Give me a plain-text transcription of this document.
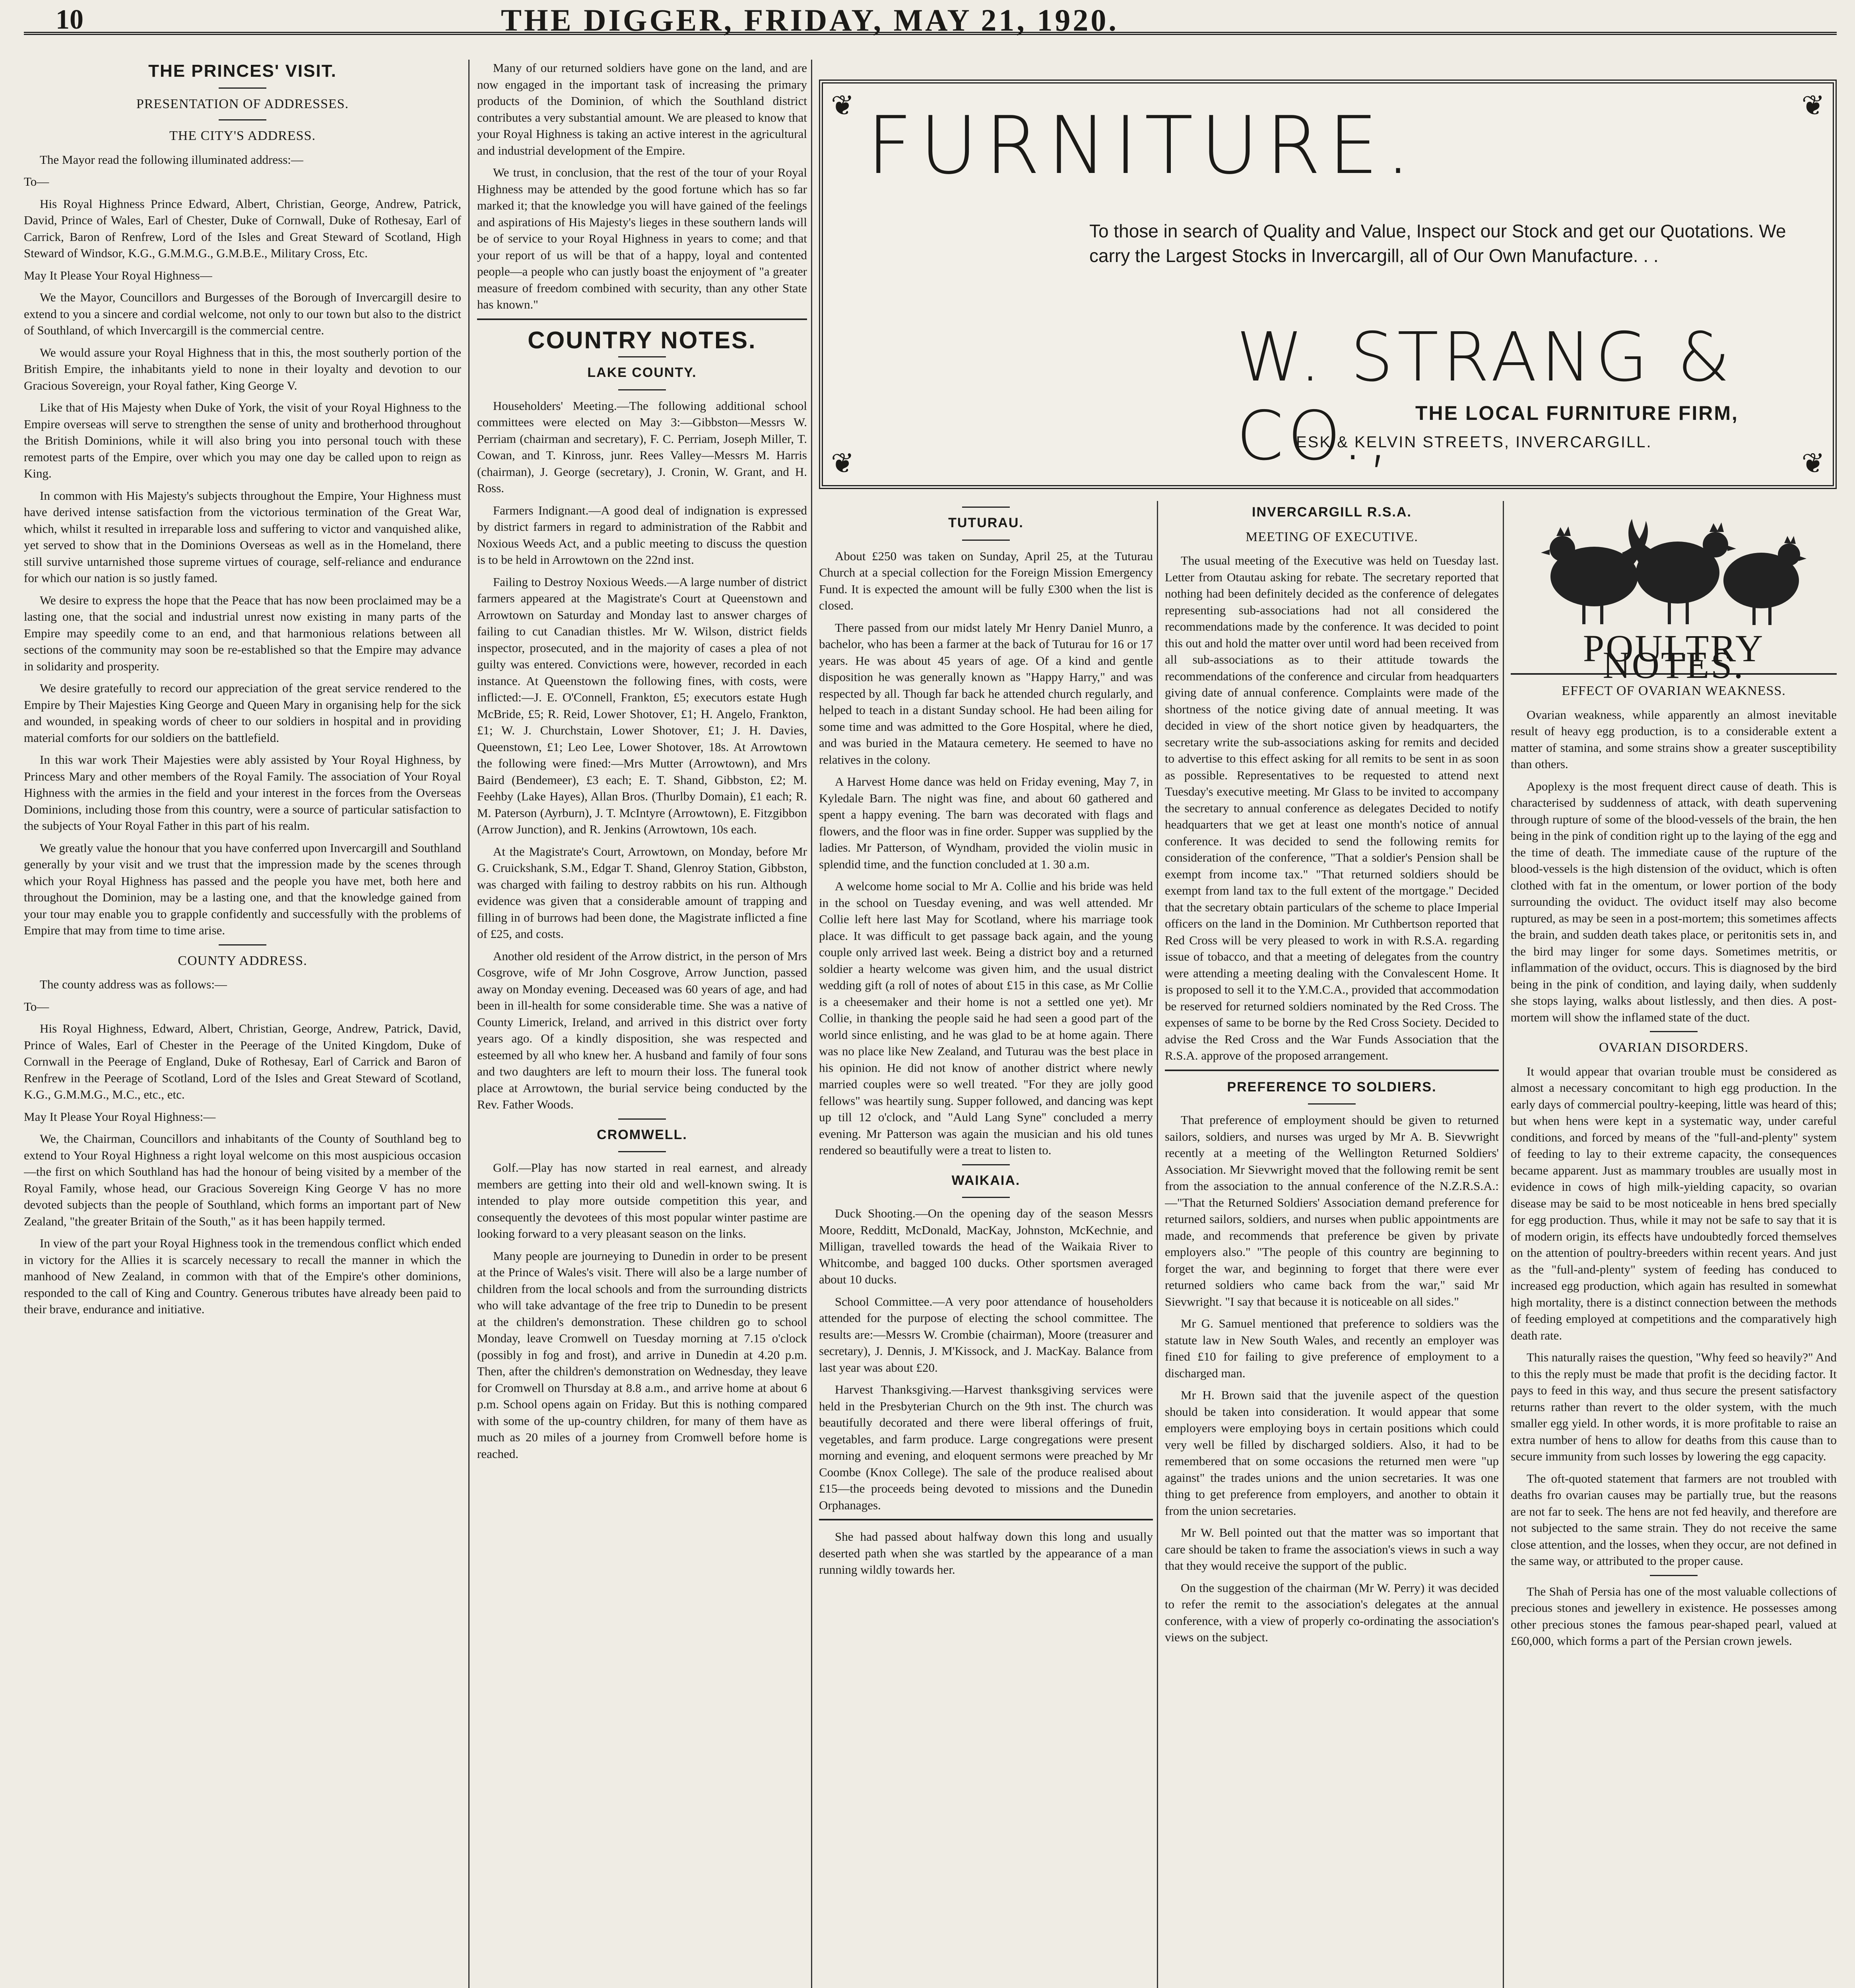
10	THE DIGGER, FRIDAY, MAY 21, 1920.
THE PRINCES' VISIT.
PRESENTATION OF ADDRESSES.
THE CITY'S ADDRESS.

The Mayor read the following illuminated address:—

To—

His Royal Highness Prince Edward, Albert, Christian, George, Andrew, Patrick, David, Prince of Wales, Earl of Chester, Duke of Cornwall, Duke of Rothesay, Earl of Carrick, Baron of Renfrew, Lord of the Isles and Great Steward of Scotland, High Steward of Windsor, K.G., G.M.M.G., G.M.B.E., Military Cross, Etc.

May It Please Your Royal Highness—

We the Mayor, Councillors and Burgesses of the Borough of Invercargill desire to extend to you a sincere and cordial welcome, not only to our town but also to the district of Southland, of which Invercargill is the commercial centre.

We would assure your Royal Highness that in this, the most southerly portion of the British Empire, the inhabitants yield to none in their loyalty and devotion to our Gracious Sovereign, your Royal father, King George V.

Like that of His Majesty when Duke of York, the visit of your Royal Highness to the Empire overseas will serve to strengthen the sense of unity and brotherhood throughout the British Dominions, while it will also bring you into personal touch with these remotest parts of the Empire, over which you may one day be called upon to reign as King.

In common with His Majesty's subjects throughout the Empire, Your Highness must have derived intense satisfaction from the victorious termination of the Great War, which, whilst it resulted in irreparable loss and suffering to victor and vanquished alike, yet served to show that in the Dominions Overseas as well as in the Homeland, there still survive untarnished those supreme virtues of courage, self-reliance and endurance for which our nation is so justly famed.

We desire to express the hope that the Peace that has now been proclaimed may be a lasting one, that the social and industrial unrest now existing in many parts of the Empire may speedily come to an end, and that harmonious relations between all sections of the community may soon be re-established so that the Empire may advance in solidarity and prosperity.

We desire gratefully to record our appreciation of the great service rendered to the Empire by Their Majesties King George and Queen Mary in organising help for the sick and wounded, in speaking words of cheer to our soldiers in hospital and in providing material comforts for our soldiers on the battlefield.

In this war work Their Majesties were ably assisted by Your Royal Highness, by Princess Mary and other members of the Royal Family. The association of Your Royal Highness with the armies in the field and your interest in the forces from the Overseas Dominions, including those from this country, were a source of particular satisfaction to the subjects of Your Royal Father in this part of his realm.

We greatly value the honour that you have conferred upon Invercargill and Southland generally by your visit and we trust that the impression made by the scenes through which your Royal Highness has passed and the people you have met, both here and throughout the Dominion, may be a lasting one, and that the knowledge gained from your tour may enable you to grapple confidently and successfully with the problems of Empire that may from time to time arise.

COUNTY ADDRESS.

The county address was as follows:—

To—

His Royal Highness, Edward, Albert, Christian, George, Andrew, Patrick, David, Prince of Wales, Earl of Chester in the Peerage of the United Kingdom, Duke of Cornwall in the Peerage of England, Duke of Rothesay, Earl of Carrick and Baron of Renfrew in the Peerage of Scotland, Lord of the Isles and Great Steward of Scotland, K.G., G.M.M.G., M.C., etc., etc.

May It Please Your Royal Highness:—

We, the Chairman, Councillors and inhabitants of the County of Southland beg to extend to Your Royal Highness a right loyal welcome on this most auspicious occasion—the first on which Southland has had the honour of being visited by a member of the Royal Family, whose head, our Gracious Sovereign King George V has no more devoted subjects than the people of Southland, which forms an important part of New Zealand, "the greater Britain of the South," as it has been happily termed.

In view of the part your Royal Highness took in the tremendous conflict which ended in victory for the Allies it is scarcely necessary to recall the manner in which the manhood of New Zealand, in common with that of the Empire's other dominions, responded to the call of King and Country. Generous tributes have already been paid to their brave, endurance and initiative.

Many of our returned soldiers have gone on the land, and are now engaged in the important task of increasing the primary products of the Dominion, of which the Southland district contributes a very substantial amount. We are pleased to know that your Royal Highness is taking an active interest in the agricultural and industrial development of the Empire.

We trust, in conclusion, that the rest of the tour of your Royal Highness may be attended by the good fortune which has so far marked it; that the knowledge you will have gained of the feelings and aspirations of His Majesty's lieges in these southern lands will be of service to your Royal Highness in years to come; and that your report of us will be that of a happy, loyal and contented people—a people who can justly boast the enjoyment of "a greater measure of freedom combined with security, than any other State has known."

COUNTRY NOTES.
LAKE COUNTY.

Householders' Meeting.—The following additional school committees were elected on May 3:—Gibbston—Messrs W. Perriam (chairman and secretary), F. C. Perriam, Joseph Miller, T. Cowan, and T. Kinross, junr. Rees Valley—Messrs M. Harris (chairman), J. George (secretary), J. Cronin, W. Grant, and H. Ross.

Farmers Indignant.—A good deal of indignation is expressed by district farmers in regard to administration of the Rabbit and Noxious Weeds Act, and a public meeting to discuss the question is to be held in Arrowtown on the 22nd inst.

Failing to Destroy Noxious Weeds.—A large number of district farmers appeared at the Magistrate's Court at Queenstown and Arrowtown on Saturday and Monday last to answer charges of failing to cut Canadian thistles. Mr W. Wilson, district fields inspector, prosecuted, and in the majority of cases a plea of not guilty was entered. Convictions were, however, recorded in each instance. At Queenstown the following fines, with costs, were inflicted:—J. E. O'Connell, Frankton, £5; executors estate Hugh McBride, £5; R. Reid, Lower Shotover, £1; H. Angelo, Frankton, £1; W. J. Churchstain, Lower Shotover, £1; J. H. Davies, Queenstown, £1; Leo Lee, Lower Shotover, 18s. At Arrowtown the following were fined:—Mrs Mutter (Arrowtown), and Mrs Baird (Bendemeer), £3 each; E. T. Shand, Gibbston, £2; M. Feehby (Lake Hayes), Allan Bros. (Thurlby Domain), £1 each; R. M. Paterson (Ayrburn), J. T. McIntyre (Arrowtown), E. Fitzgibbon (Arrow Junction), and R. Jenkins (Arrowtown, 10s each.

At the Magistrate's Court, Arrowtown, on Monday, before Mr G. Cruickshank, S.M., Edgar T. Shand, Glenroy Station, Gibbston, was charged with failing to destroy rabbits on his run. Although evidence was given that a considerable amount of trapping and filling in of burrows had been done, the Magistrate inflicted a fine of £25, and costs.

Another old resident of the Arrow district, in the person of Mrs Cosgrove, wife of Mr John Cosgrove, Arrow Junction, passed away on Monday evening. Deceased was 60 years of age, and had been in ill-health for some considerable time. She was a native of County Limerick, Ireland, and arrived in this district over forty years ago. Of a kindly disposition, she was respected and esteemed by all who knew her. A husband and family of four sons and two daughters are left to mourn their loss. The funeral took place at Arrowtown, the burial service being conducted by the Rev. Father Woods.

CROMWELL.

Golf.—Play has now started in real earnest, and already members are getting into their old and well-known swing. It is intended to play more outside competition this year, and consequently the devotees of this most popular winter pastime are looking forward to a very pleasant season on the links.

Many people are journeying to Dunedin in order to be present at the Prince of Wales's visit. There will also be a large number of children from the local schools and from the surrounding districts who will take advantage of the free trip to Dunedin to be present at the children's demonstration. These children go to school Monday, leave Cromwell on Tuesday morning at 7.15 o'clock (possibly in fog and frost), and arrive in Dunedin at 4.20 p.m. Then, after the children's demonstration on Wednesday, they leave for Cromwell on Thursday at 8.8 a.m., and arrive home at about 6 p.m. School opens again on Friday. But this is nothing compared with some of the up-country children, for many of them have as much as 20 miles of a journey from Cromwell before home is reached.

❦	❦
❦	❦
FURNITURE.
To those in search of Quality and Value, Inspect our Stock and get our Quotations. We carry the Largest Stocks in Invercargill, all of Our Own Manufacture. . .
W. STRANG & CO.,	THE LOCAL FURNITURE FIRM,
ESK & KELVIN STREETS, INVERCARGILL.
TUTURAU.

About £250 was taken on Sunday, April 25, at the Tuturau Church at a special collection for the Foreign Mission Emergency Fund. It is expected the amount will be fully £300 when the list is closed.

There passed from our midst lately Mr Henry Daniel Munro, a bachelor, who has been a farmer at the back of Tuturau for 16 or 17 years. He was about 45 years of age. Of a kind and gentle disposition he was generally known as "Happy Harry," and was respected by all. Though far back he attended church regularly, and helped to teach in a distant Sunday school. He had been ailing for some time and was admitted to the Gore Hospital, where he died, and was buried in the Mataura cemetery. He seemed to have no relatives in the colony.

A Harvest Home dance was held on Friday evening, May 7, in Kyledale Barn. The night was fine, and about 60 gathered and spent a happy evening. The barn was decorated with flags and flowers, and the floor was in fine order. Supper was supplied by the ladies. Mr Patterson, of Wyndham, provided the violin music in splendid time, and the function concluded at 1. 30 a.m.

A welcome home social to Mr A. Collie and his bride was held in the school on Tuesday evening, and was well attended. Mr Collie left here last May for Scotland, where his marriage took place. It was difficult to get passage back again, and the young couple only arrived last week. Being a district boy and a returned soldier a hearty welcome was given him, and the usual district wedding gift (a roll of notes of about £15 in this case, as Mr Collie is a cheesemaker and their home is not a settled one yet). Mr Collie, in thanking the people said he had seen a good part of the world since enlisting, and he was glad to be at home again. There was no place like New Zealand, and Tuturau was the best place in his opinion. He did not know of another district where newly married couples were so well treated. "For they are jolly good fellows" was heartily sung. Supper followed, and dancing was kept up till 12 o'clock, and "Auld Lang Syne" concluded a merry evening. Mr Patterson was again the musician and his old tunes rendered so beautifully were a treat to listen to.

WAIKAIA.

Duck Shooting.—On the opening day of the season Messrs Moore, Redditt, McDonald, MacKay, Johnston, McKechnie, and Milligan, travelled towards the head of the Waikaia River to Whitcombe, and bagged 100 ducks. Other sportsmen averaged about 10 ducks.

School Committee.—A very poor attendance of householders attended for the purpose of electing the school committee. The results are:—Messrs W. Crombie (chairman), Moore (treasurer and secretary), J. Dennis, J. M'Kissock, and J. MacKay. Balance from last year was about £20.

Harvest Thanksgiving.—Harvest thanksgiving services were held in the Presbyterian Church on the 9th inst. The church was beautifully decorated and there were liberal offerings of fruit, vegetables, and farm produce. Large congregations were present morning and evening, and eloquent sermons were preached by Mr Coombe (Knox College). The sale of the produce realised about £15—the proceeds being devoted to missions and the Dunedin Orphanages.

She had passed about halfway down this long and usually deserted path when she was startled by the appearance of a man running wildly towards her.

INVERCARGILL R.S.A.
MEETING OF EXECUTIVE.

The usual meeting of the Executive was held on Tuesday last. Letter from Otautau asking for rebate. The secretary reported that nothing had been definitely decided as the conference of delegates representing sub-associations had not all considered the recommendations made by the conference. It was decided to point this out and hold the matter over until word had been received from all sub-associations as to their attitude towards the recommendations of the conference and circular from headquarters giving date of annual conference. Complaints were made of the shortness of the notice giving date of annual meeting. It was decided in view of the short notice given by headquarters, the secretary write the sub-associations asking for remits and decided to advertise to this effect asking for all remits to be sent in as soon as possible. Representatives to be requested to attend next Tuesday's executive meeting. Mr Glass to be invited to accompany the secretary to annual conference as delegates Decided to notify headquarters that we get at least one month's notice of annual conference. It was decided to send the following remits for consideration of the conference, "That a soldier's Pension shall be exempt from income tax." "That returned soldiers should be exempt from land tax to the full extent of the mortgage." Decided that the secretary obtain particulars of the scheme to place Imperial officers on the land in the Dominion. Mr Cuthbertson reported that Red Cross will be very pleased to work in with R.S.A. regarding issue of tobacco, and that a meeting of delegates from the country were attending a meeting dealing with the Convalescent Home. It is proposed to sell it to the Y.M.C.A., provided that accommodation be reserved for returned soldiers nominated by the Red Cross. The expenses of same to be borne by the Red Cross Society. Decided to advise the Red Cross and the War Funds Association that the R.S.A. approve of the proposed arrangement.

PREFERENCE TO SOLDIERS.

That preference of employment should be given to returned sailors, soldiers, and nurses was urged by Mr A. B. Sievwright recently at a meeting of the Wellington Returned Soldiers' Association. Mr Sievwright moved that the following remit be sent from the association to the annual conference of the N.Z.R.S.A.:—"That the Returned Soldiers' Association demand preference for returned sailors, soldiers, and nurses when public appointments are made, and recommends that preference be given by private employers also." "The people of this country are beginning to forget the war, and beginning to forget that there were ever returned soldiers who came back from the war," said Mr Sievwright. "I say that because it is noticeable on all sides."

Mr G. Samuel mentioned that preference to soldiers was the statute law in New South Wales, and recently an employer was fined £10 for failing to give preference of employment to a discharged man.

Mr H. Brown said that the juvenile aspect of the question should be taken into consideration. It would appear that some employers were employing boys in certain positions which could very well be filled by discharged soldiers. Also, it had to be remembered that on some occasions the returned men were "up against" the trades unions and the union secretaries. It was one thing to get preference from employers, and another to obtain it from the union secretaries.

Mr W. Bell pointed out that the matter was so important that care should be taken to frame the association's views in such a way that they would receive the support of the public.

On the suggestion of the chairman (Mr W. Perry) it was decided to refer the remit to the association's delegates at the annual conference, with a view of properly co-ordinating the association's views on the subject.

POULTRY NOTES.
EFFECT OF OVARIAN WEAKNESS.

Ovarian weakness, while apparently an almost inevitable result of heavy egg production, is to a considerable extent a matter of stamina, and some strains show a greater susceptibility than others.

Apoplexy is the most frequent direct cause of death. This is characterised by suddenness of attack, with death supervening through rupture of some of the blood-vessels of the brain, the hen being in the pink of condition right up to the laying of the egg and the time of death. The immediate cause of the rupture of the blood-vessels is the high distension of the oviduct, which is often clothed with fat in the omentum, or lower portion of the body surrounding the oviduct. The oviduct itself may also become ruptured, as may be seen in a post-mortem; this sometimes affects the brain, and sudden death takes place, or peritonitis sets in, and the bird may linger for some days. Sometimes metritis, or inflammation of the oviduct, occurs. This is diagnosed by the bird being in the pink of condition, and laying daily, when suddenly she stops laying, walks about listlessly, and then dies. A post-mortem will show the inflamed state of the duct.

OVARIAN DISORDERS.

It would appear that ovarian trouble must be considered as almost a necessary concomitant to high egg production. In the early days of commercial poultry-keeping, little was heard of this; but when hens were kept in a systematic way, under careful conditions, and forced by means of the "full-and-plenty" system of feeding to lay to their extreme capacity, the consequences became apparent. Just as mammary troubles are usually most in evidence in cows of high milk-yielding capacity, so ovarian disease may be said to be most noticeable in hens bred specially for egg production. Thus, while it may not be safe to say that it is of modern origin, its effects have undoubtedly forced themselves on the attention of poultry-breeders within recent years. And just as the "full-and-plenty" system of feeding has conduced to increased egg production, which again has resulted in somewhat high mortality, there is a distinct connection between the methods of feeding employed at competitions and the comparatively high death rate.

This naturally raises the question, "Why feed so heavily?" And to this the reply must be made that profit is the deciding factor. It pays to feed in this way, and thus secure the present satisfactory returns rather than revert to the older system, with the much smaller egg yield. In other words, it is more profitable to raise an extra number of hens to allow for deaths from this cause than to secure immunity from such losses by lowering the egg capacity.

The oft-quoted statement that farmers are not troubled with deaths fro ovarian causes may be partially true, but the reasons are not far to seek. The hens are not fed heavily, and therefore are not subjected to the same strain. They do not receive the same close attention, and the losses, when they occur, are not defined in the same way, or attributed to the proper cause.

The Shah of Persia has one of the most valuable collections of precious stones and jewellery in existence. He possesses among other precious stones the famous pear-shaped pearl, valued at £60,000, which forms a part of the Persian crown jewels.
